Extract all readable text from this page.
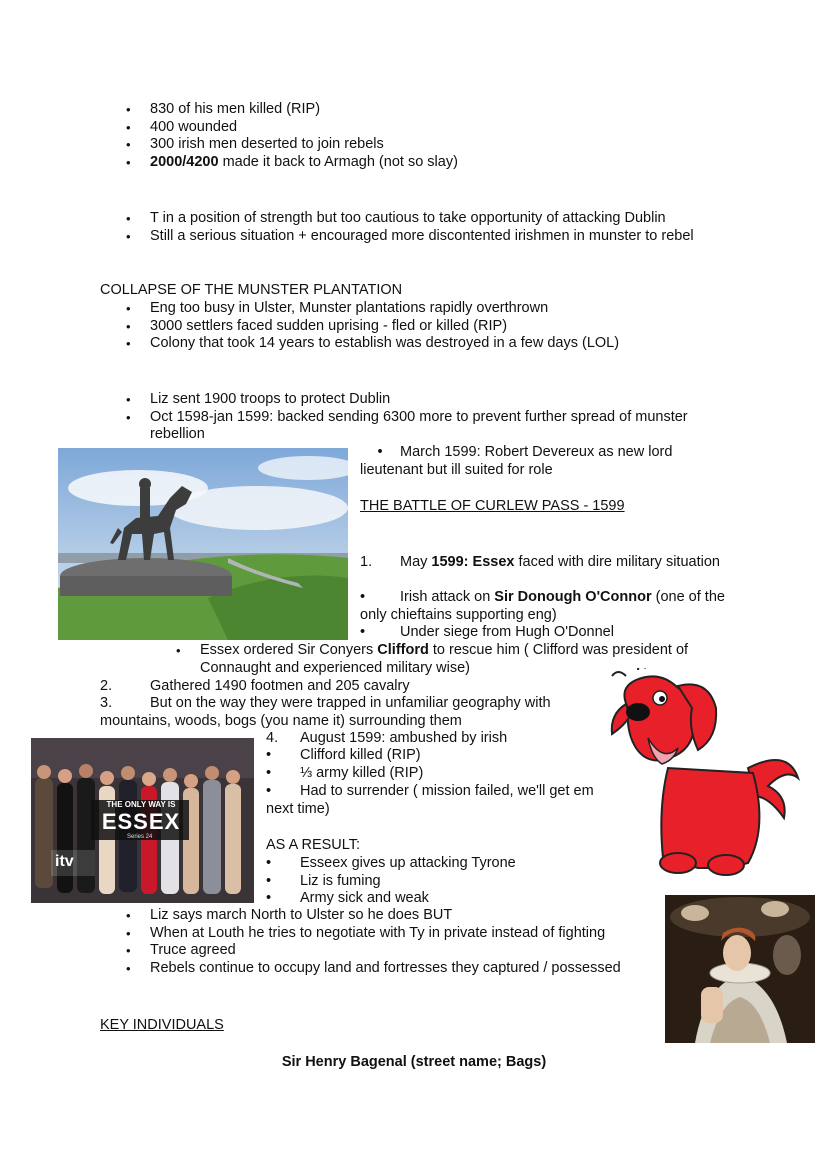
• 830 of his men killed (RIP)
• 400 wounded
• 300 irish men deserted to join rebels
• 2000/4200 made it back to Armagh (not so slay)
• T in a position of strength but too cautious to take opportunity of attacking Dublin
• Still a serious situation + encouraged more discontented irishmen in munster to rebel
COLLAPSE OF THE MUNSTER PLANTATION
• Eng too busy in Ulster, Munster plantations rapidly overthrown
• 3000 settlers faced sudden uprising - fled or killed (RIP)
• Colony that took 14 years to establish was destroyed in a few days (LOL)
• Liz sent 1900 troops to protect Dublin
• Oct 1598-jan 1599: backed sending 6300 more to prevent further spread of munster rebellion
• March 1599: Robert Devereux as new lord lieutenant but ill suited for role
THE BATTLE OF CURLEW PASS - 1599
1. May 1599: Essex faced with dire military situation
• Irish attack on Sir Donough O'Connor (one of the only chieftains supporting eng)
• Under siege from Hugh O'Donnel
• Essex ordered Sir Conyers Clifford to rescue him ( Clifford was president of Connaught and experienced military wise)
2.	Gathered 1490 footmen and 205 cavalry
3.	But on the way they were trapped in unfamiliar geography with mountains, woods, bogs (you name it) surrounding them
THE ONLY WAY IS
ESSEX
Series 24
itv
4. August 1599: ambushed by irish
• Clifford killed (RIP)
• ⅓ army killed (RIP)
• Had to surrender ( mission failed, we'll get em next time)
AS A RESULT:
• Esseex gives up attacking Tyrone
• Liz is fuming
• Army sick and weak
• Liz says march North to Ulster so he does BUT
• When at Louth he tries to negotiate with Ty in private instead of fighting
• Truce agreed
• Rebels continue to occupy land and fortresses they captured / possessed
KEY INDIVIDUALS
Sir Henry Bagenal (street name; Bags)
